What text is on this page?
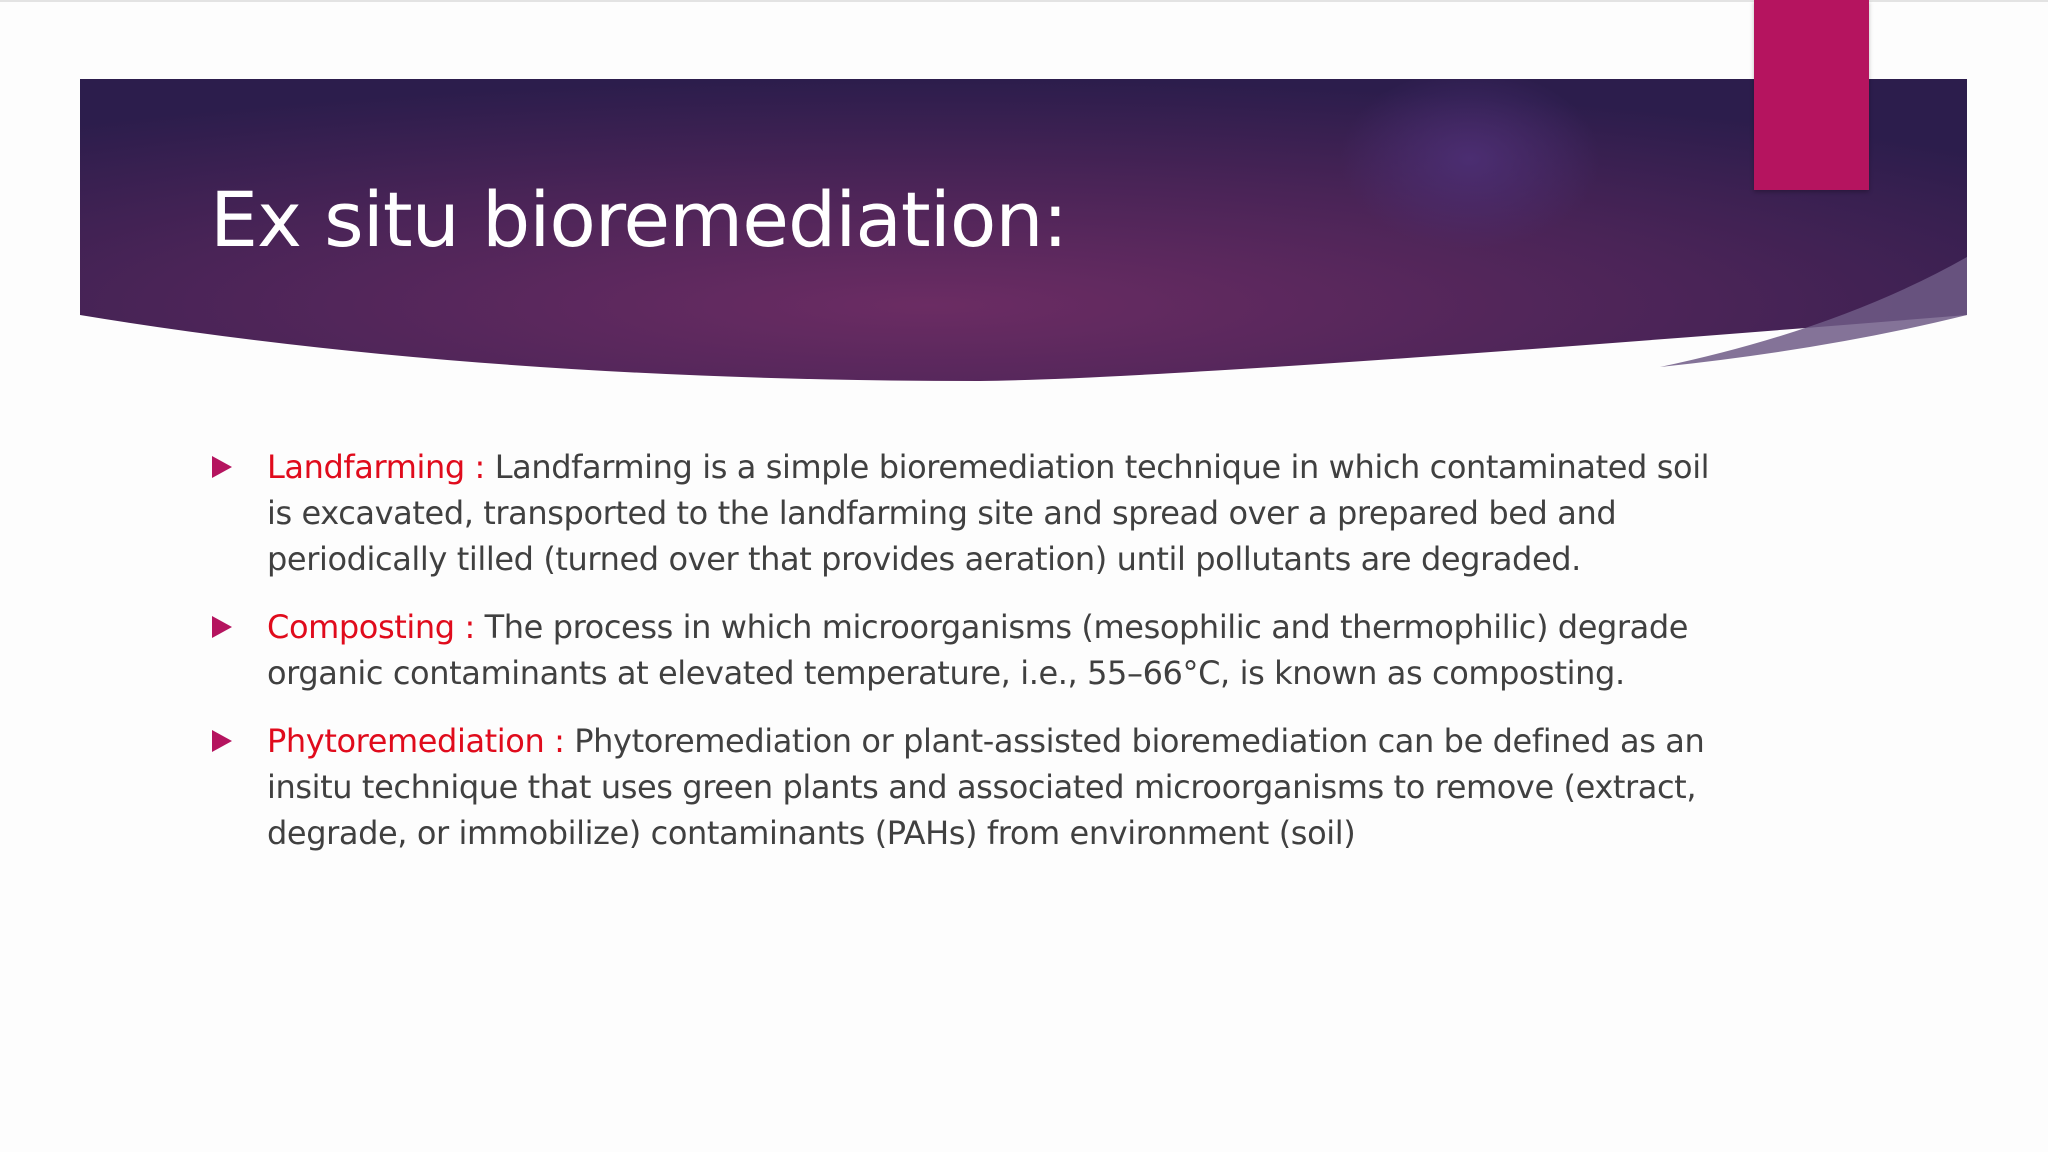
Ex situ bioremediation:
Landfarming : Landfarming is a simple bioremediation technique in which contaminated soil is excavated, transported to the landfarming site and spread over a prepared bed and periodically tilled (turned over that provides aeration) until pollutants are degraded.
Composting : The process in which microorganisms (mesophilic and thermophilic) degrade organic contaminants at elevated temperature, i.e., 55–66°C, is known as composting.
Phytoremediation : Phytoremediation or plant-assisted bioremediation can be defined as an insitu technique that uses green plants and associated microorganisms to remove (extract, degrade, or immobilize) contaminants (PAHs) from environment (soil)
